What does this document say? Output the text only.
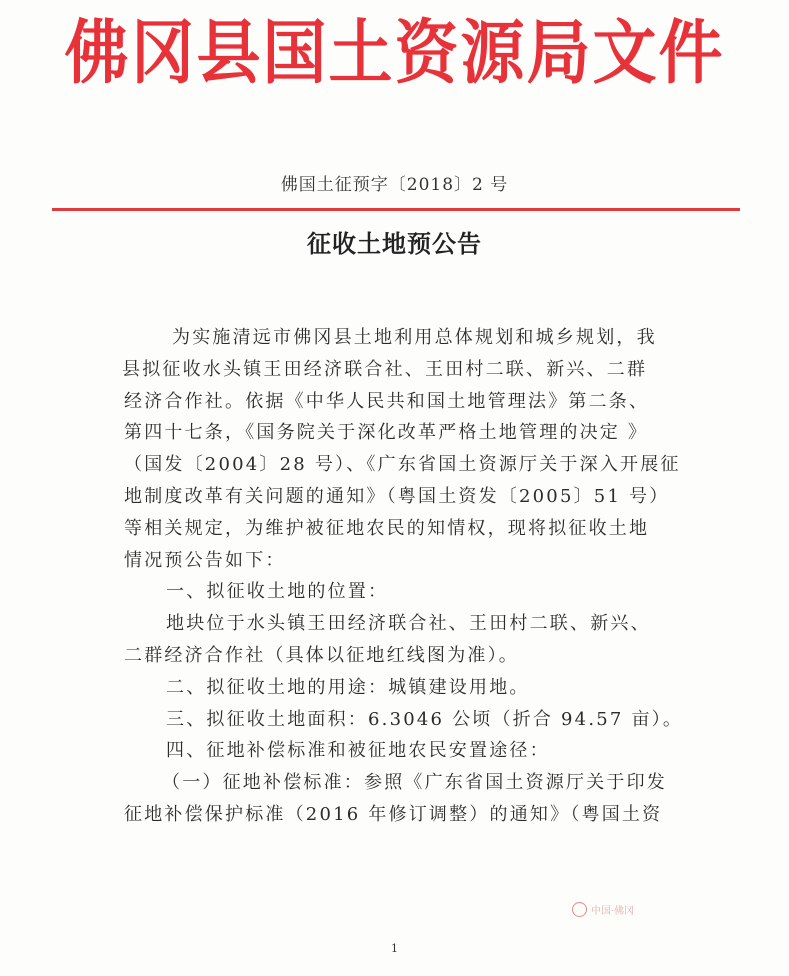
佛冈县国土资源局文件
佛国土征预字〔2018〕2 号
征收土地预公告
为实施清远市佛冈县土地利用总体规划和城乡规划，我
县拟征收水头镇王田经济联合社、王田村二联、新兴、二群
经济合作社。依据《中华人民共和国土地管理法》第二条、
第四十七条，《国务院关于深化改革严格土地管理的决定 》
（国发〔2004〕28 号）、《广东省国土资源厅关于深入开展征
地制度改革有关问题的通知》（粤国土资发〔2005〕51 号）
等相关规定，为维护被征地农民的知情权，现将拟征收土地
情况预公告如下：
一、拟征收土地的位置：
地块位于水头镇王田经济联合社、王田村二联、新兴、
二群经济合作社（具体以征地红线图为准）。
二、拟征收土地的用途：城镇建设用地。
三、拟征收土地面积：6.3046 公顷（折合 94.57 亩）。
四、征地补偿标准和被征地农民安置途径：
（一）征地补偿标准：参照《广东省国土资源厅关于印发
征地补偿保护标准（2016 年修订调整）的通知》（粤国土资
中国·佛冈
1
